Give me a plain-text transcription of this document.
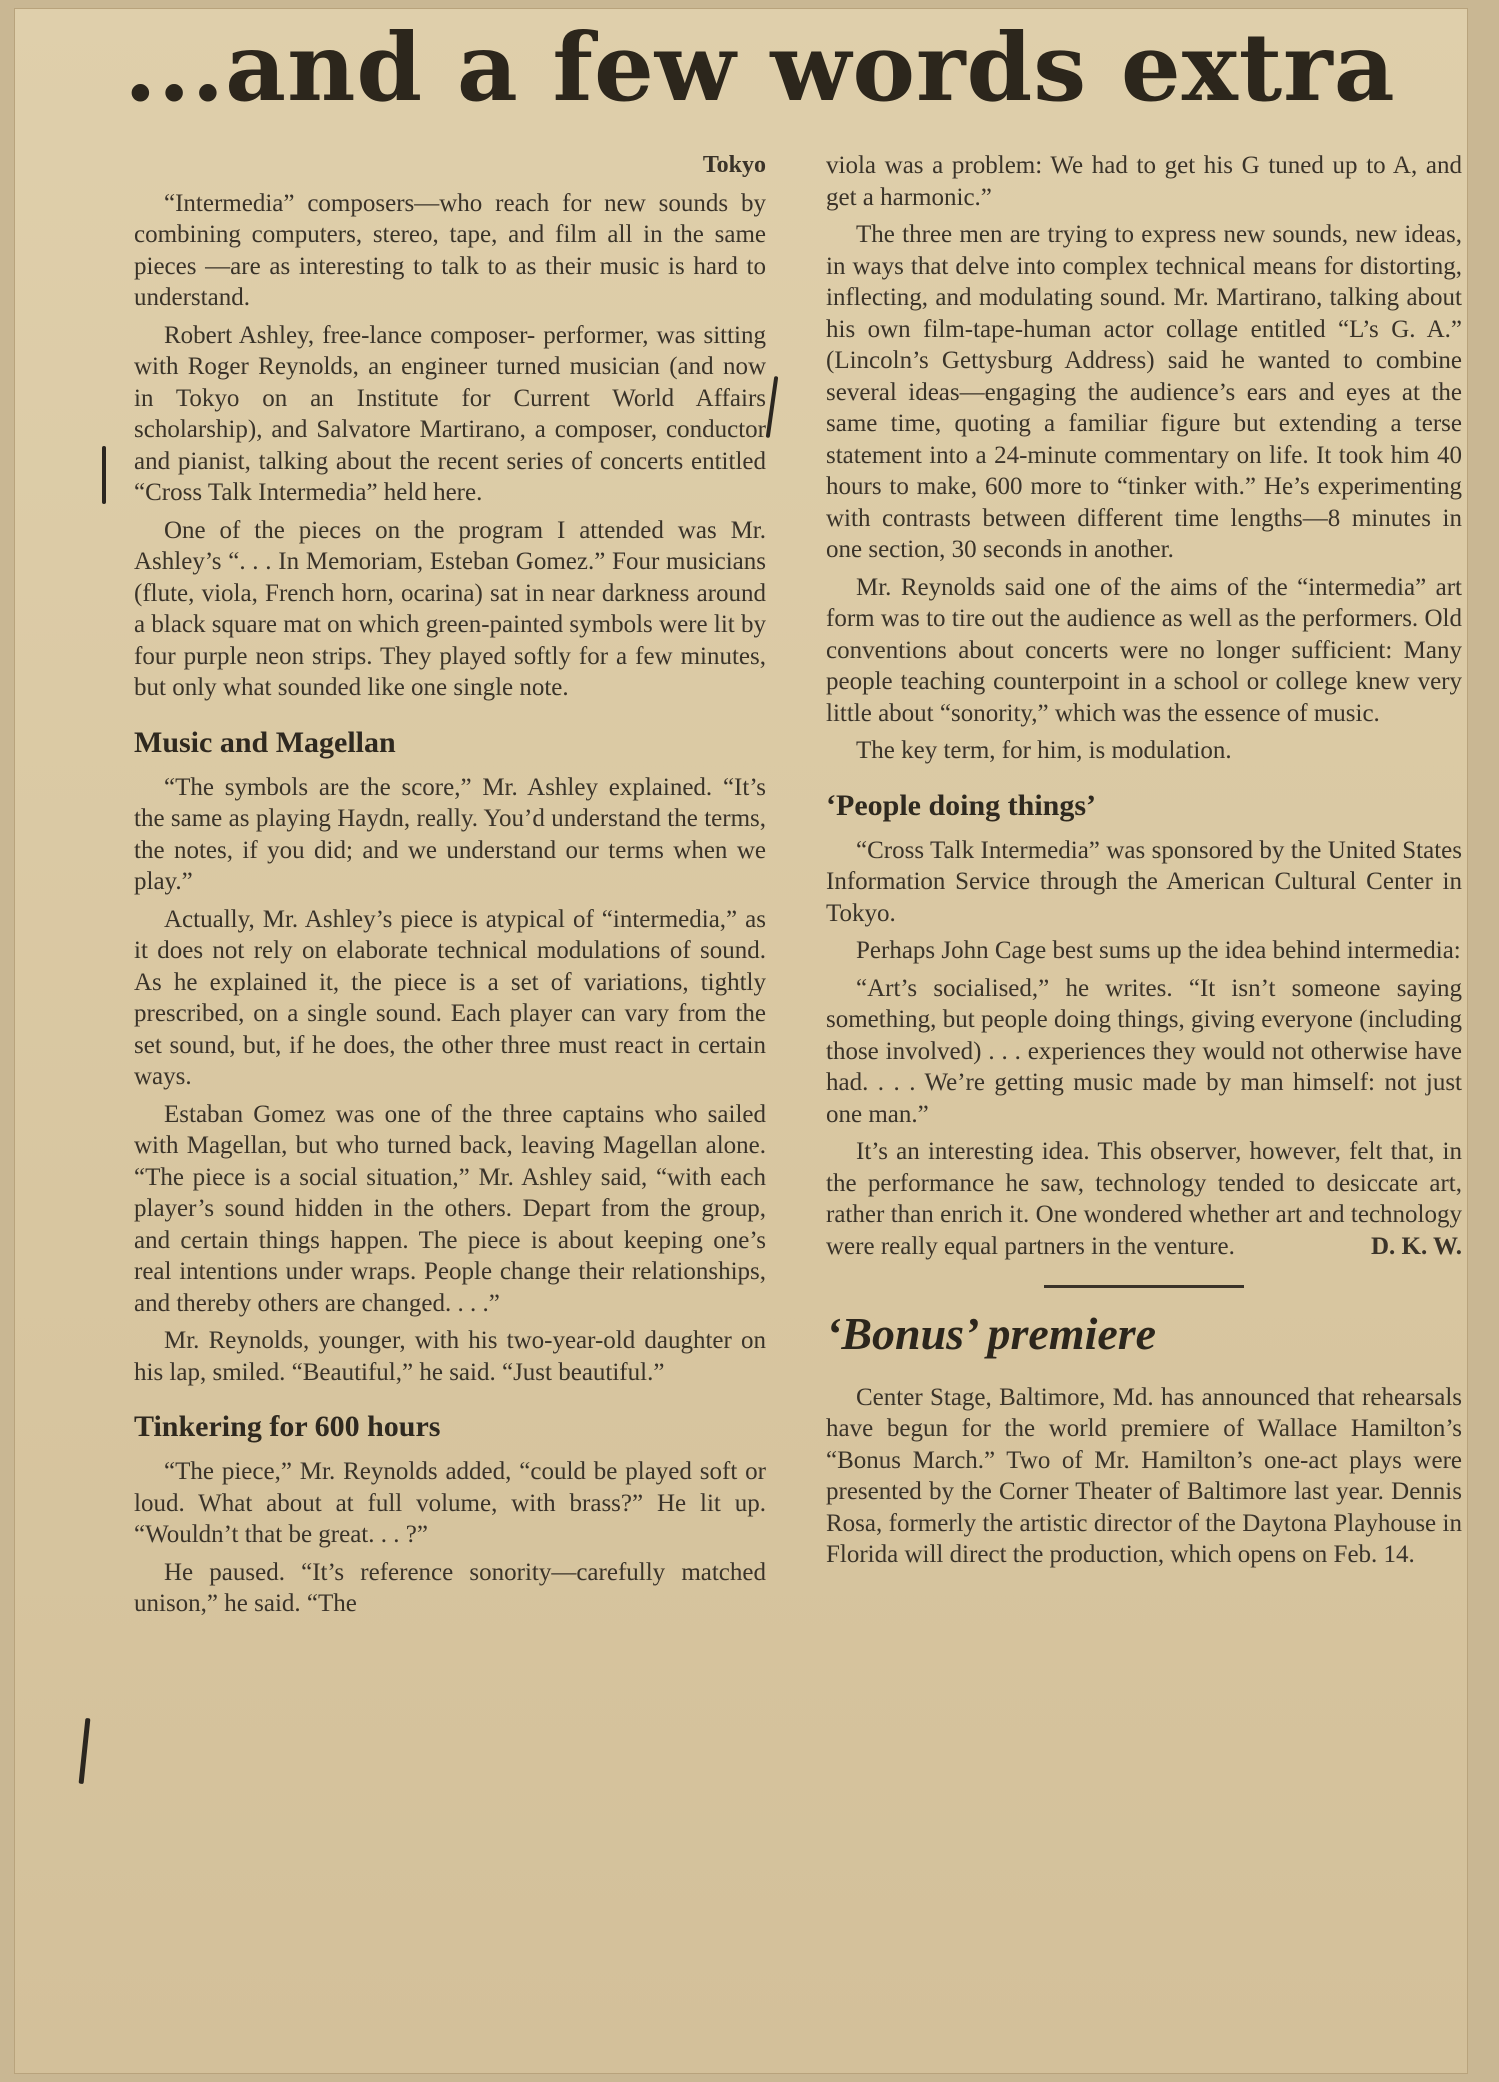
...and a few words extra
Tokyo

“Intermedia” composers—who reach for new sounds by combining computers, stereo, tape, and film all in the same pieces —are as interesting to talk to as their music is hard to understand.

Robert Ashley, free-lance composer- performer, was sitting with Roger Reynolds, an engineer turned musician (and now in Tokyo on an Institute for Current World Affairs scholarship), and Salvatore Martirano, a composer, conductor and pianist, talking about the recent series of concerts entitled “Cross Talk Intermedia” held here.

One of the pieces on the program I attended was Mr. Ashley’s “. . . In Memoriam, Esteban Gomez.” Four musicians (flute, viola, French horn, ocarina) sat in near darkness around a black square mat on which green-painted symbols were lit by four purple neon strips. They played softly for a few minutes, but only what sounded like one single note.

Music and Magellan

“The symbols are the score,” Mr. Ashley explained. “It’s the same as playing Haydn, really. You’d understand the terms, the notes, if you did; and we understand our terms when we play.”

Actually, Mr. Ashley’s piece is atypical of “intermedia,” as it does not rely on elaborate technical modulations of sound. As he explained it, the piece is a set of variations, tightly prescribed, on a single sound. Each player can vary from the set sound, but, if he does, the other three must react in certain ways.

Estaban Gomez was one of the three captains who sailed with Magellan, but who turned back, leaving Magellan alone. “The piece is a social situation,” Mr. Ashley said, “with each player’s sound hidden in the others. Depart from the group, and certain things happen. The piece is about keeping one’s real intentions under wraps. People change their relationships, and thereby others are changed. . . .”

Mr. Reynolds, younger, with his two-year-old daughter on his lap, smiled. “Beautiful,” he said. “Just beautiful.”

Tinkering for 600 hours

“The piece,” Mr. Reynolds added, “could be played soft or loud. What about at full volume, with brass?” He lit up. “Wouldn’t that be great. . . ?”

He paused. “It’s reference sonority—carefully matched unison,” he said. “The

viola was a problem: We had to get his G tuned up to A, and get a harmonic.”

The three men are trying to express new sounds, new ideas, in ways that delve into complex technical means for distorting, inflecting, and modulating sound. Mr. Martirano, talking about his own film-tape-human actor collage entitled “L’s G. A.” (Lincoln’s Gettysburg Address) said he wanted to combine several ideas—engaging the audience’s ears and eyes at the same time, quoting a familiar figure but extending a terse statement into a 24-minute commentary on life. It took him 40 hours to make, 600 more to “tinker with.” He’s experimenting with contrasts between different time lengths—8 minutes in one section, 30 seconds in another.

Mr. Reynolds said one of the aims of the “intermedia” art form was to tire out the audience as well as the performers. Old conventions about concerts were no longer sufficient: Many people teaching counterpoint in a school or college knew very little about “sonority,” which was the essence of music.

The key term, for him, is modulation.

‘People doing things’

“Cross Talk Intermedia” was sponsored by the United States Information Service through the American Cultural Center in Tokyo.

Perhaps John Cage best sums up the idea behind intermedia:

“Art’s socialised,” he writes. “It isn’t someone saying something, but people doing things, giving everyone (including those involved) . . . experiences they would not otherwise have had. . . . We’re getting music made by man himself: not just one man.”

It’s an interesting idea. This observer, however, felt that, in the performance he saw, technology tended to desiccate art, rather than enrich it. One wondered whether art and technology were really equal partners in the venture.	D. K. W.
‘Bonus’ premiere

Center Stage, Baltimore, Md. has announced that rehearsals have begun for the world premiere of Wallace Hamilton’s “Bonus March.” Two of Mr. Hamilton’s one-act plays were presented by the Corner Theater of Baltimore last year. Dennis Rosa, formerly the artistic director of the Daytona Playhouse in Florida will direct the production, which opens on Feb. 14.
